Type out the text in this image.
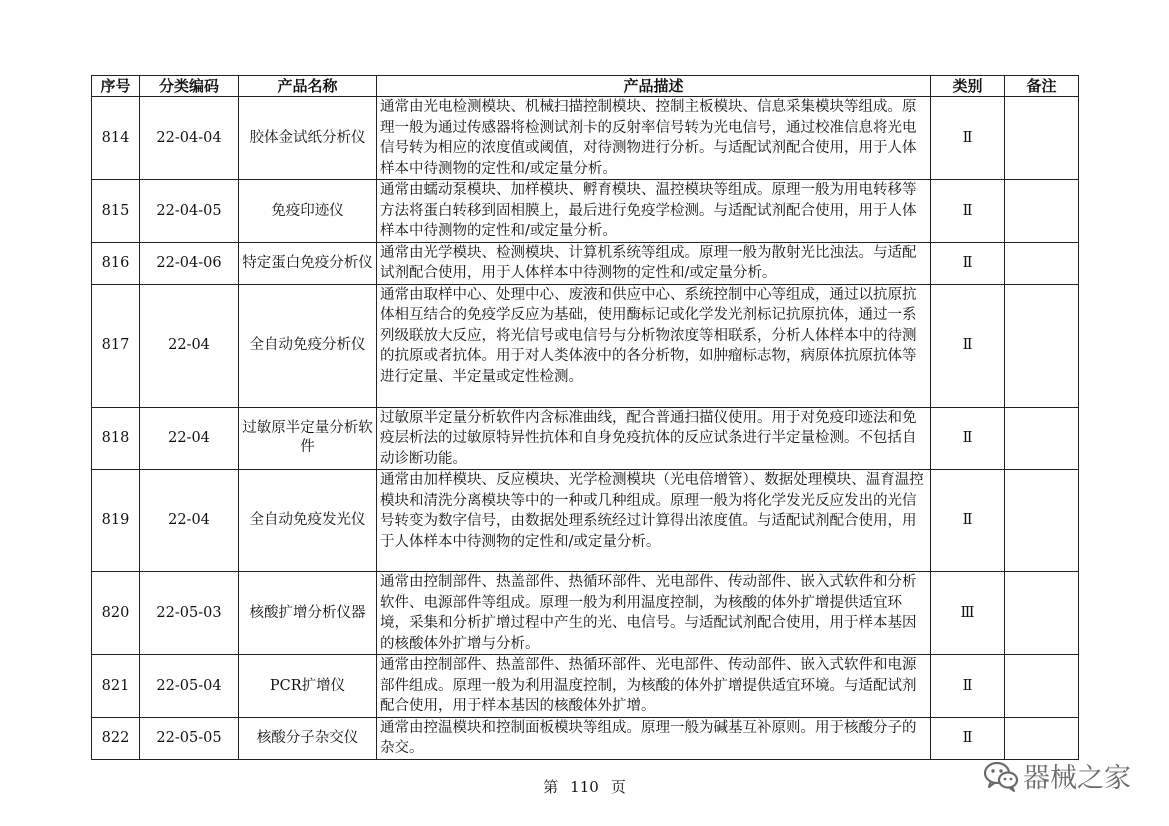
序号	分类编码	产品名称	产品描述	类别	备注
814	22-04-04	胶体金试纸分析仪	通常由光电检测模块、机械扫描控制模块、控制主板模块、信息采集模块等组成。原理一般为通过传感器将检测试剂卡的反射率信号转为光电信号，通过校准信息将光电信号转为相应的浓度值或阈值，对待测物进行分析。与适配试剂配合使用，用于人体样本中待测物的定性和/或定量分析。	Ⅱ	
815	22-04-05	免疫印迹仪	通常由蠕动泵模块、加样模块、孵育模块、温控模块等组成。原理一般为用电转移等方法将蛋白转移到固相膜上，最后进行免疫学检测。与适配试剂配合使用，用于人体样本中待测物的定性和/或定量分析。	Ⅱ	
816	22-04-06	特定蛋白免疫分析仪	通常由光学模块、检测模块、计算机系统等组成。原理一般为散射光比浊法。与适配试剂配合使用，用于人体样本中待测物的定性和/或定量分析。	Ⅱ	
817	22-04	全自动免疫分析仪	通常由取样中心、处理中心、废液和供应中心、系统控制中心等组成，通过以抗原抗体相互结合的免疫学反应为基础，使用酶标记或化学发光剂标记抗原抗体，通过一系列级联放大反应，将光信号或电信号与分析物浓度等相联系，分析人体样本中的待测的抗原或者抗体。用于对人类体液中的各分析物，如肿瘤标志物，病原体抗原抗体等进行定量、半定量或定性检测。	Ⅱ	
818	22-04	过敏原半定量分析软件	过敏原半定量分析软件内含标准曲线，配合普通扫描仪使用。用于对免疫印迹法和免疫层析法的过敏原特异性抗体和自身免疫抗体的反应试条进行半定量检测。不包括自动诊断功能。	Ⅱ	
819	22-04	全自动免疫发光仪	通常由加样模块、反应模块、光学检测模块（光电倍增管）、数据处理模块、温育温控模块和清洗分离模块等中的一种或几种组成。原理一般为将化学发光反应发出的光信号转变为数字信号，由数据处理系统经过计算得出浓度值。与适配试剂配合使用，用于人体样本中待测物的定性和/或定量分析。	Ⅱ	
820	22-05-03	核酸扩增分析仪器	通常由控制部件、热盖部件、热循环部件、光电部件、传动部件、嵌入式软件和分析软件、电源部件等组成。原理一般为利用温度控制，为核酸的体外扩增提供适宜环境，采集和分析扩增过程中产生的光、电信号。与适配试剂配合使用，用于样本基因的核酸体外扩增与分析。	Ⅲ	
821	22-05-04	PCR扩增仪	通常由控制部件、热盖部件、热循环部件、光电部件、传动部件、嵌入式软件和电源部件组成。原理一般为利用温度控制，为核酸的体外扩增提供适宜环境。与适配试剂配合使用，用于样本基因的核酸体外扩增。	Ⅱ	
822	22-05-05	核酸分子杂交仪	通常由控温模块和控制面板模块等组成。原理一般为碱基互补原则。用于核酸分子的杂交。	Ⅱ	
第 110 页	器械之家
